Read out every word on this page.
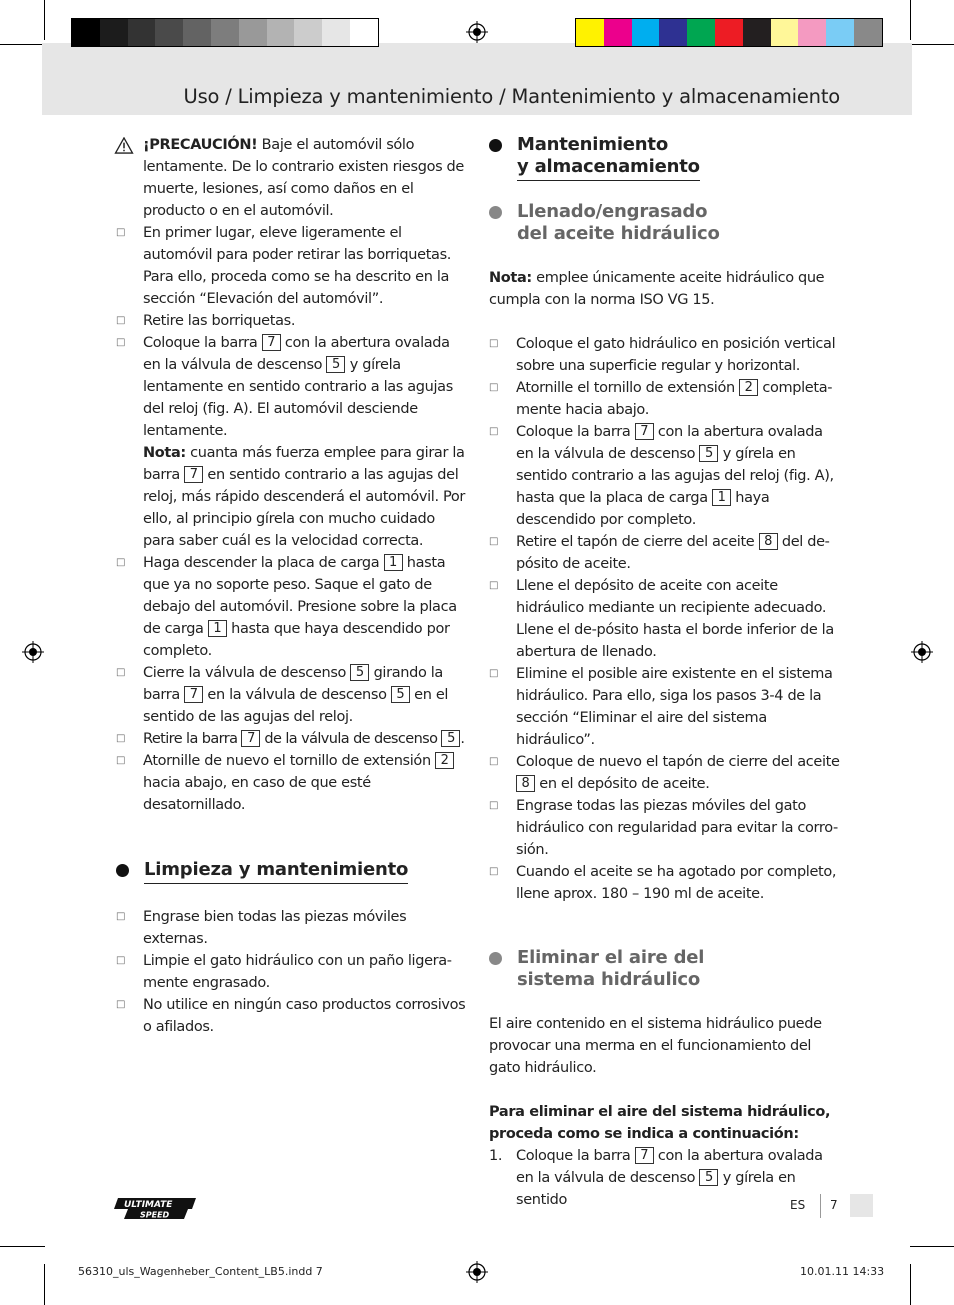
Uso / Limpieza y mantenimiento / Mantenimiento y almacenamiento

¡PRECAUCIÓN! Baje el automóvil sólo lentamente. De lo contrario existen riesgos de muerte, lesiones, así como daños en el producto o en el automóvil.

□ En primer lugar, eleve ligeramente el automóvil para poder retirar las borriquetas. Para ello, proceda como se ha descrito en la sección “Elevación del automóvil”.

□ Retire las borriquetas.

□ Coloque la barra 7 con la abertura ovalada en la válvula de descenso 5 y gírela lentamente en sentido contrario a las agujas del reloj (fig. A). El automóvil desciende lentamente.

Nota: cuanta más fuerza emplee para girar la barra 7 en sentido contrario a las agujas del reloj, más rápido descenderá el automóvil. Por ello, al principio gírela con mucho cuidado para saber cuál es la velocidad correcta.

□ Haga descender la placa de carga 1 hasta que ya no soporte peso. Saque el gato de debajo del automóvil. Presione sobre la placa de carga 1 hasta que haya descendido por completo.

□ Cierre la válvula de descenso 5 girando la barra 7 en la válvula de descenso 5 en el sentido de las agujas del reloj.

□ Retire la barra 7 de la válvula de descenso 5 .

□ Atornille de nuevo el tornillo de extensión 2 hacia abajo, en caso de que esté desatornillado.

Limpieza y mantenimiento
□ Engrase bien todas las piezas móviles externas.

□ Limpie el gato hidráulico con un paño ligera-mente engrasado.

□ No utilice en ningún caso productos corrosivos o afilados.

Mantenimiento
y almacenamiento
Llenado/engrasado
del aceite hidráulico

Nota: emplee únicamente aceite hidráulico que cumpla con la norma ISO VG 15.

□ Coloque el gato hidráulico en posición vertical sobre una superficie regular y horizontal.

□ Atornille el tornillo de extensión 2 completa-mente hacia abajo.

□ Coloque la barra 7 con la abertura ovalada en la válvula de descenso 5 y gírela en sentido contrario a las agujas del reloj (fig. A), hasta que la placa de carga 1 haya descendido por completo.

□ Retire el tapón de cierre del aceite 8 del de-pósito de aceite.

□ Llene el depósito de aceite con aceite hidráulico mediante un recipiente adecuado. Llene el de-pósito hasta el borde inferior de la abertura de llenado.

□ Elimine el posible aire existente en el sistema hidráulico. Para ello, siga los pasos 3-4 de la sección “Eliminar el aire del sistema hidráulico”.

□ Coloque de nuevo el tapón de cierre del aceite 8 en el depósito de aceite.

□ Engrase todas las piezas móviles del gato hidráulico con regularidad para evitar la corro-sión.

□ Cuando el aceite se ha agotado por completo, llene aprox. 180 – 190 ml de aceite.

Eliminar el aire del
sistema hidráulico

El aire contenido en el sistema hidráulico puede provocar una merma en el funcionamiento del gato hidráulico.

Para eliminar el aire del sistema hidráulico, proceda como se indica a continuación:

1. Coloque la barra 7 con la abertura ovalada en la válvula de descenso 5 y gírela en sentido

ULTIMATE
SPEED
ES 7
56310_uls_Wagenheber_Content_LB5.indd 7	10.01.11 14:33
